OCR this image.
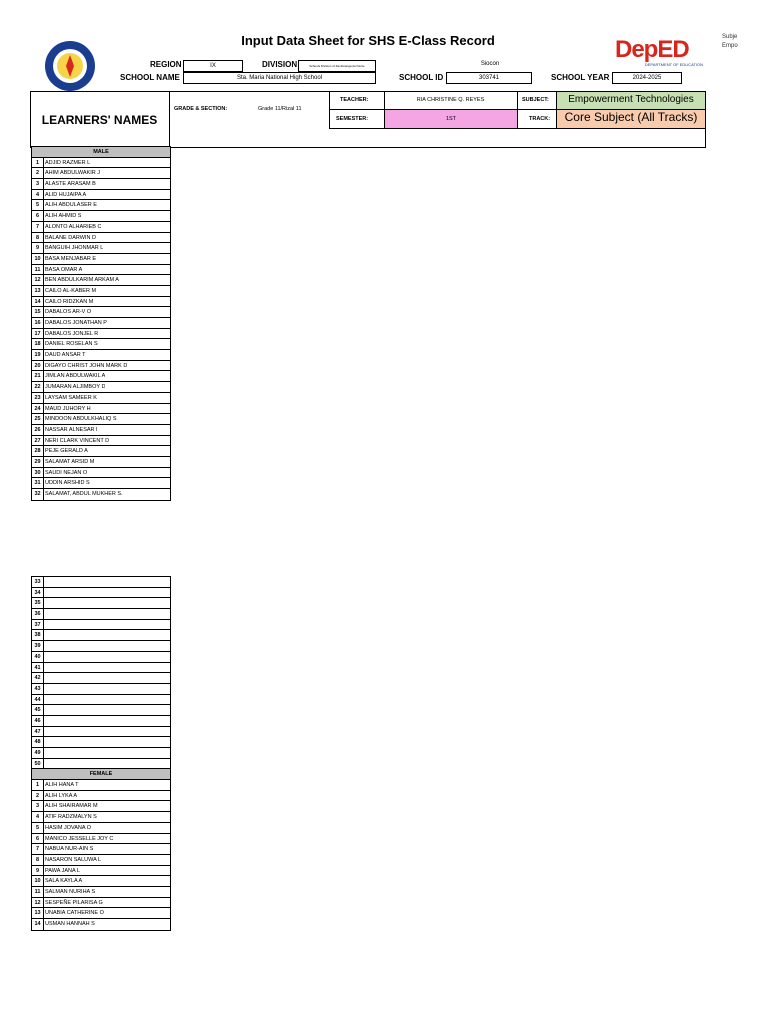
Input Data Sheet for SHS E-Class Record	DepED
DEPARTMENT OF EDUCATION
Subje
Empo
REGION	IX	DIVISION	Schools Division of Zamboanga del Norte	Siocon
SCHOOL NAME	Sta. Maria National High School	SCHOOL ID	303741	SCHOOL YEAR	2024-2025
LEARNERS' NAMES
GRADE & SECTION:	Grade 11/Rizal 11
TEACHER:	RIA CHRISTINE Q. REYES
SEMESTER:	1ST
SUBJECT:	Empowerment Technologies
TRACK:	Core Subject (All Tracks)
MALE
1	ADJID RAZMER L
2	AHIM ABDULWAKIR J
3	ALASTE ARASAM B
4	ALID HUJAIPA A
5	ALIH ABDULASER E
6	ALIH AHMID S
7	ALONTO ALHARIEB C
8	BALANE DARWIN D
9	BANGUIH JHONMAR L
10 BASA MENJABAR E
11 BASA OMAR A
12 BEN ABDULKARIM ARKAM A
13 CAILO AL-KABER M
14 CAILO RIDZKAN M
15 DABALOS AR-V O
16 DABALOS JONATHAN P
17 DABALOS JONJEL R
18 DANIEL ROSELAN S
19 DAUD ANSAR T
20 DIGAYO CHRIST JOHN MARK D
21 JIMLAN ABDULWAKIL A
22 JUMARAN ALJIMBOY D
23 LAYSAM SAMEER K
24 MAUD JUHORY H
25 MINDOON ABDULKHALIQ S
26 NASSAR ALNESAR I
27 NERI CLARK VINCENT D
28 PEJE GERALD A
29 SALAMAT ARSID M
30 SAUDI NEJAN O
31 UDDIN ARSHID S
32 SALAMAT, ABDUL MUKHER S.
33
34
35
36
37
38
39
40
41
42
43
44
45
46
47
48
49
50
FEMALE
1	ALIH HANA T
2	ALIH LYKA A
3	ALIH SHAIRAMAR M
4	ATIF RADZMALYN S
5	HASIM JOVANA O
6	MANICO JESSELLE JOY C
7	NABUA NUR-AIN S
8	NASARON SALUWA L
9	PAWA JANA L
10 SALA KAYLA A
11 SALMAN NURIHA S
12 SESPEÑE PILARISA G
13 UNABIA CATHERINE O
14 USMAN HANNAH S
